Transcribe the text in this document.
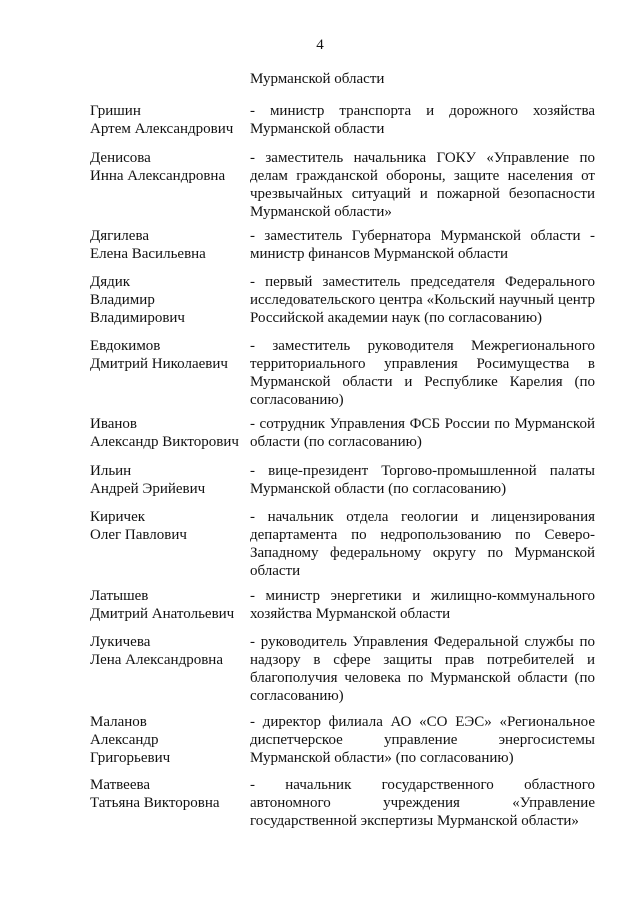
4
Мурманской области
Гришин
Артем Александрович
- министр транспорта и дорожного хозяйства Мурманской области
Денисова
Инна Александровна
- заместитель начальника ГОКУ «Управление по делам гражданской обороны, защите населения от чрезвычайных ситуаций и пожарной безопасности Мурманской области»
Дягилева
Елена Васильевна
- заместитель Губернатора Мурманской области - министр финансов Мурманской области
Дядик
Владимир
Владимирович
- первый заместитель председателя Федерального исследовательского центра «Кольский научный центр Российской академии наук (по согласованию)
Евдокимов
Дмитрий Николаевич
- заместитель руководителя Межрегионального территориального управления Росимущества в Мурманской области и Республике Карелия (по согласованию)
Иванов
Александр Викторович
- сотрудник Управления ФСБ России по Мурманской области (по согласованию)
Ильин
Андрей Эрийевич
- вице-президент Торгово-промышленной палаты Мурманской области (по согласованию)
Киричек
Олег Павлович
- начальник отдела геологии и лицензирования департамента по недропользованию по Северо-Западному федеральному округу по Мурманской области
Латышев
Дмитрий Анатольевич
- министр энергетики и жилищно-коммунального хозяйства Мурманской области
Лукичева
Лена Александровна
- руководитель Управления Федеральной службы по надзору в сфере защиты прав потребителей и благополучия человека по Мурманской области (по согласованию)
Маланов
Александр
Григорьевич
- директор филиала АО «СО ЕЭС» «Региональное диспетчерское управление энергосистемы Мурманской области» (по согласованию)
Матвеева
Татьяна Викторовна
- начальник государственного областного автономного учреждения «Управление государственной экспертизы Мурманской области»
